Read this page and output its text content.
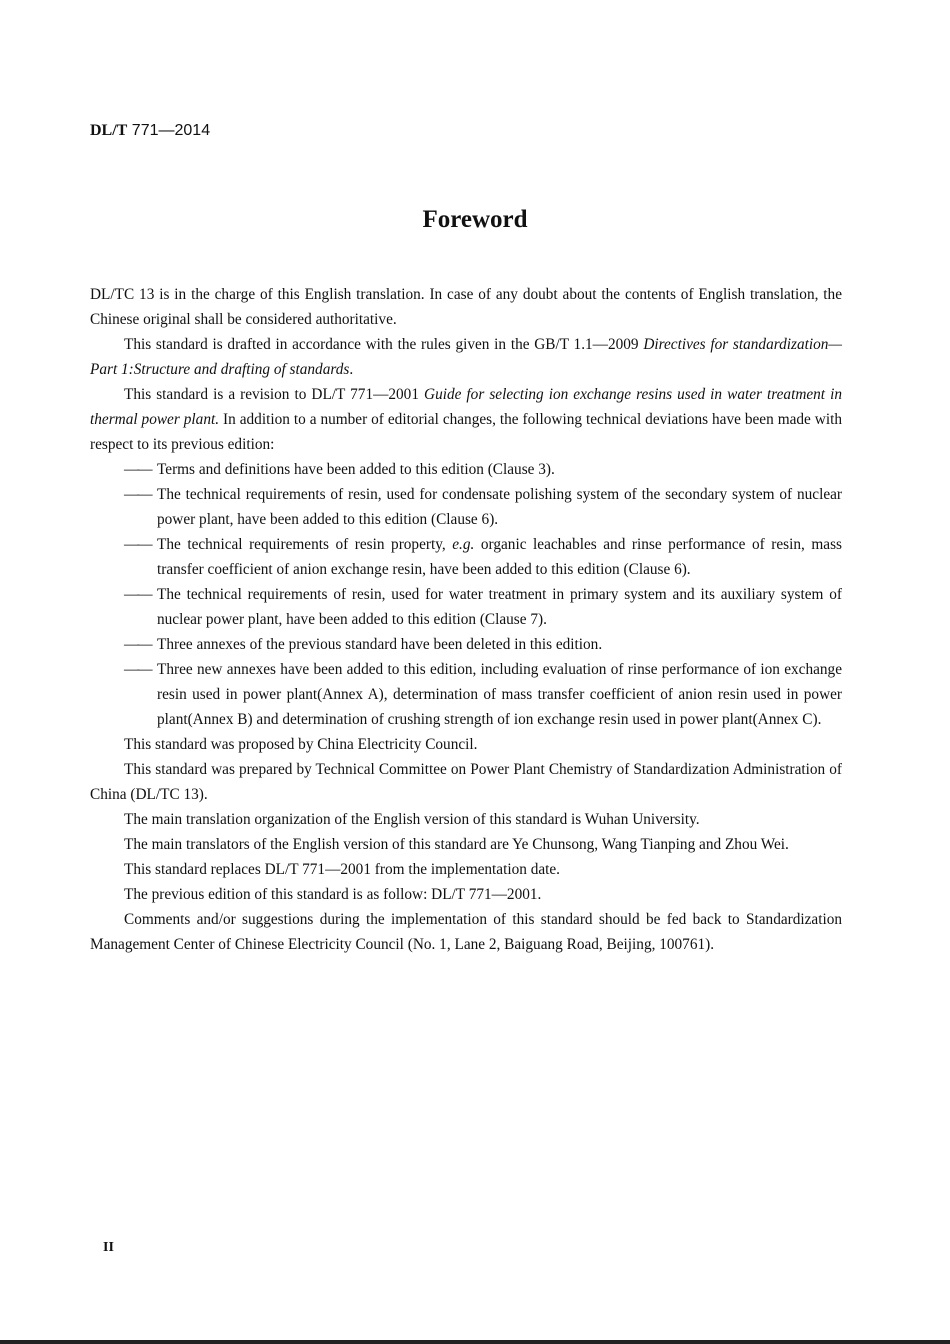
DL/T 771—2014
Foreword

DL/TC 13 is in the charge of this English translation. In case of any doubt about the contents of English translation, the Chinese original shall be considered authoritative.

This standard is drafted in accordance with the rules given in the GB/T 1.1—2009 Directives for standardization—Part 1:Structure and drafting of standards.

This standard is a revision to DL/T 771—2001 Guide for selecting ion exchange resins used in water treatment in thermal power plant. In addition to a number of editorial changes, the following technical deviations have been made with respect to its previous edition:

—— Terms and definitions have been added to this edition (Clause 3).
—— The technical requirements of resin, used for condensate polishing system of the secondary system of nuclear power plant, have been added to this edition (Clause 6).
—— The technical requirements of resin property, e.g. organic leachables and rinse performance of resin, mass transfer coefficient of anion exchange resin, have been added to this edition (Clause 6).
—— The technical requirements of resin, used for water treatment in primary system and its auxiliary system of nuclear power plant, have been added to this edition (Clause 7).
—— Three annexes of the previous standard have been deleted in this edition.
—— Three new annexes have been added to this edition, including evaluation of rinse performance of ion exchange resin used in power plant(Annex A), determination of mass transfer coefficient of anion resin used in power plant(Annex B) and determination of crushing strength of ion exchange resin used in power plant(Annex C).

This standard was proposed by China Electricity Council.

This standard was prepared by Technical Committee on Power Plant Chemistry of Standardization Administration of China (DL/TC 13).

The main translation organization of the English version of this standard is Wuhan University.

The main translators of the English version of this standard are Ye Chunsong, Wang Tianping and Zhou Wei.

This standard replaces DL/T 771—2001 from the implementation date.

The previous edition of this standard is as follow: DL/T 771—2001.

Comments and/or suggestions during the implementation of this standard should be fed back to Standardization Management Center of Chinese Electricity Council (No. 1, Lane 2, Baiguang Road, Beijing, 100761).

II
